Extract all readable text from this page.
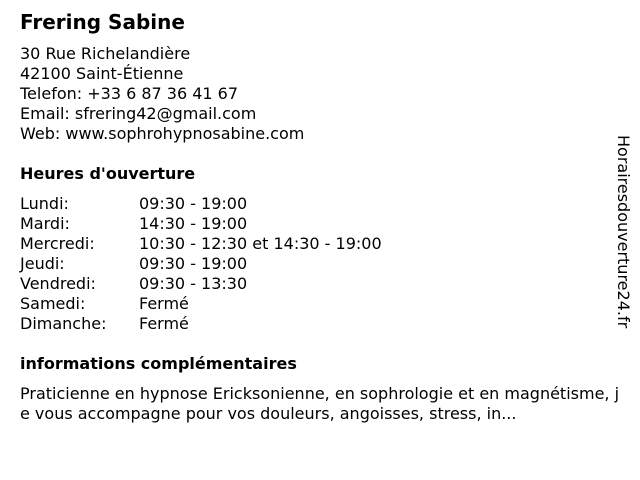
Frering Sabine
30 Rue Richelandière
42100 Saint-Étienne
Telefon: +33 6 87 36 41 67
Email: sfrering42@gmail.com
Web: www.sophrohypnosabine.com
Heures d'ouverture
Lundi:	09:30 - 19:00
Mardi:	14:30 - 19:00
Mercredi:	10:30 - 12:30 et 14:30 - 19:00
Jeudi:	09:30 - 19:00
Vendredi:	09:30 - 13:30
Samedi:	Fermé
Dimanche:	Fermé
informations complémentaires
Praticienne en hypnose Ericksonienne, en sophrologie et en magnétisme, je vous accompagne pour vos douleurs, angoisses, stress, in...
Horairesdouverture24.fr
